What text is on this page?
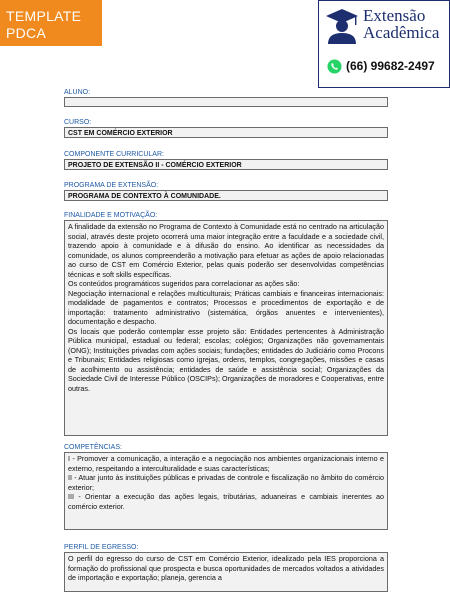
TEMPLATE
PDCA
Extensão
Acadêmica
(66) 99682-2497
ALUNO:
CURSO:
CST EM COMÉRCIO EXTERIOR
COMPONENTE CURRICULAR:
PROJETO DE EXTENSÃO II - COMÉRCIO EXTERIOR
PROGRAMA DE EXTENSÃO:
PROGRAMA DE CONTEXTO À COMUNIDADE.
FINALIDADE E MOTIVAÇÃO:

A finalidade da extensão no Programa de Contexto à Comunidade está no centrado na articulação social, através deste projeto ocorrerá uma maior integração entre a faculdade e a sociedade civil, trazendo apoio à comunidade e à difusão do ensino. Ao identificar as necessidades da comunidade, os alunos compreenderão a motivação para efetuar as ações de apoio relacionadas ao curso de CST em Comércio Exterior, pelas quais poderão ser desenvolvidas competências técnicas e soft skills específicas.

Os conteúdos programáticos sugeridos para correlacionar as ações são:

Negociação internacional e relações multiculturais; Práticas cambiais e financeiras internacionais: modalidade de pagamentos e contratos; Processos e procedimentos de exportação e de importação: tratamento administrativo (sistemática, órgãos anuentes e intervenientes), documentação e despacho.

Os locais que poderão contemplar esse projeto são: Entidades pertencentes à Administração Pública municipal, estadual ou federal; escolas; colégios; Organizações não governamentais (ONG); Instituições privadas com ações sociais; fundações; entidades do Judiciário como Procons e Tribunais; Entidades religiosas como igrejas, ordens, templos, congregações, missões e casas de acolhimento ou assistência; entidades de saúde e assistência social; Organizações da Sociedade Civil de Interesse Público (OSCIPs); Organizações de moradores e Cooperativas, entre outras.

COMPETÊNCIAS:

I - Promover a comunicação, a interação e a negociação nos ambientes organizacionais interno e externo, respeitando a interculturalidade e suas características;

II - Atuar junto às instituições públicas e privadas de controle e fiscalização no âmbito do comércio exterior;

III - Orientar a execução das ações legais, tributárias, aduaneiras e cambiais inerentes ao comércio exterior.

PERFIL DE EGRESSO:
O perfil do egresso do curso de CST em Comércio Exterior, idealizado pela IES proporciona a formação do profissional que prospecta e busca oportunidades de mercados voltados a atividades de importação e exportação; planeja, gerencia a
